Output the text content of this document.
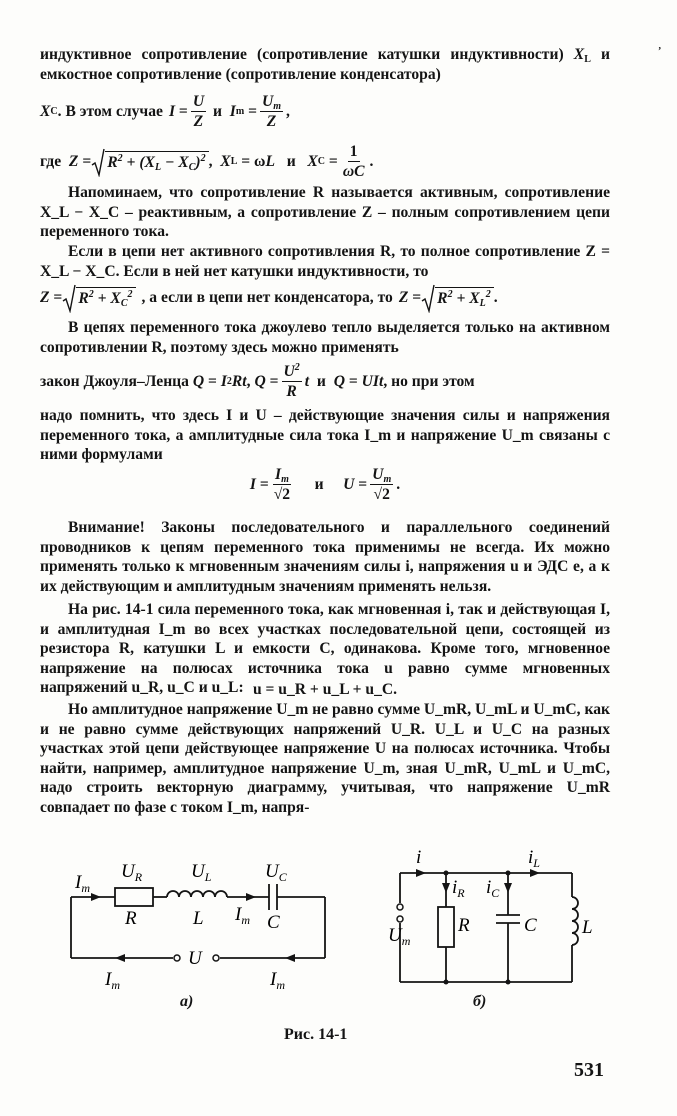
’

индуктивное сопротивление (сопротивление катушки индуктивности) $X_L$ и емкостное сопротивление (сопротивление конденсатора)

X C . В этом случае I =
U
Z

и
I m =
$U_m$
Z
,
где
$Z = R^2 + (X_L - X_C)^2$ , X L = ω L
и
X C =
1
ωC
.

Напоминаем, что сопротивление R называется активным, сопротивление X_L − X_C – реактивным, а сопротивление Z – полным сопротивлением цепи переменного тока.

Если в цепи нет активного сопротивления R, то полное сопротивление Z = X_L − X_C. Если в ней нет катушки индуктивности, то

$Z = R^2 + X_C^2$ , а если в цепи нет конденсатора, то $Z = R^2 + X_L^2$ .

В цепях переменного тока джоулево тепло выделяется только на активном сопротивлении R, поэтому здесь можно применять

закон Джоуля–Ленца
Q = I 2 Rt , Q =
$U^2$
R
t
и
Q = UIt , но при этом

надо помнить, что здесь I и U – действующие значения силы и напряжения переменного тока, а амплитудные сила тока I_m и напряжение U_m связаны с ними формулами

I =
$I_m$
√2

и
U =
$U_m$
√2
.

Внимание! Законы последовательного и параллельного соединений проводников к цепям переменного тока применимы не всегда. Их можно применять только к мгновенным значениям силы i, напряжения u и ЭДС e, а к их действующим и амплитудным значениям применять нельзя.

На рис. 14-1 сила переменного тока, как мгновенная i, так и действующая I, и амплитудная I_m во всех участках последовательной цепи, состоящей из резистора R, катушки L и емкости С, одинакова. Кроме того, мгновенное напряжение на полюсах источника тока u равно сумме мгновенных напряжений u_R, u_C и u_L: u = u_R + u_L + u_C.

Но амплитудное напряжение U_m не равно сумме U_mR, U_mL и U_mC, как и не равно сумме действующих напряжений U_R. U_L и U_C на разных участках этой цепи действующее напряжение U на полюсах источника. Чтобы найти, например, амплитудное напряжение U_m, зная U_mR, U_mL и U_mC, надо строить векторную диаграмму, учитывая, что напряжение U_mR совпадает по фазе с током I_m, напря-

$I_m$
$U_R$
R
$U_L$
L
$U_C$
C
$I_m$
U
$I_m$	$I_m$
i	$i_L$
$i_R$ $i_C$
$U_m$
R	C L
а)	б)
Рис. 14-1
531
